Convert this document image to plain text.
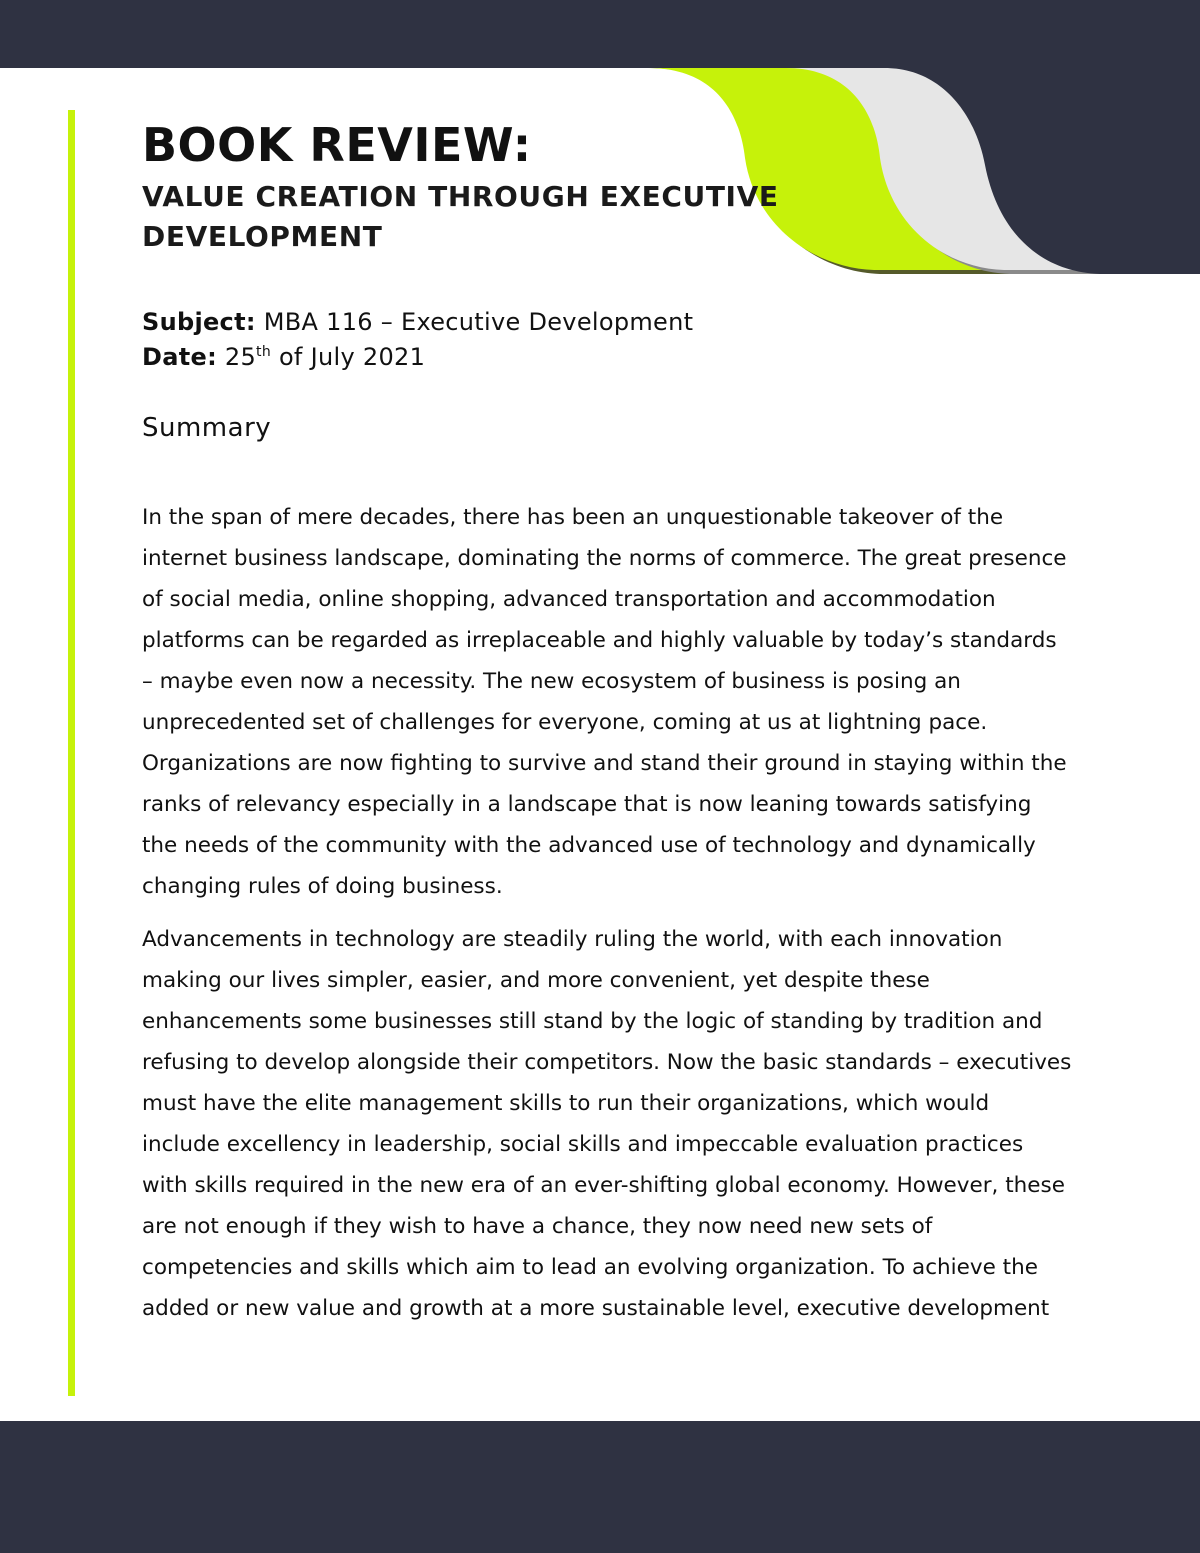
BOOK REVIEW:
VALUE CREATION THROUGH EXECUTIVE DEVELOPMENT
Subject: MBA 116 – Executive Development
Date: 25th of July 2021
Summary

In the span of mere decades, there has been an unquestionable takeover of the internet business landscape, dominating the norms of commerce. The great presence of social media, online shopping, advanced transportation and accommodation platforms can be regarded as irreplaceable and highly valuable by today’s standards – maybe even now a necessity. The new ecosystem of business is posing an unprecedented set of challenges for everyone, coming at us at lightning pace. Organizations are now fighting to survive and stand their ground in staying within the ranks of relevancy especially in a landscape that is now leaning towards satisfying the needs of the community with the advanced use of technology and dynamically changing rules of doing business.

Advancements in technology are steadily ruling the world, with each innovation making our lives simpler, easier, and more convenient, yet despite these enhancements some businesses still stand by the logic of standing by tradition and refusing to develop alongside their competitors. Now the basic standards – executives must have the elite management skills to run their organizations, which would include excellency in leadership, social skills and impeccable evaluation practices with skills required in the new era of an ever-shifting global economy. However, these are not enough if they wish to have a chance, they now need new sets of competencies and skills which aim to lead an evolving organization. To achieve the added or new value and growth at a more sustainable level, executive development
